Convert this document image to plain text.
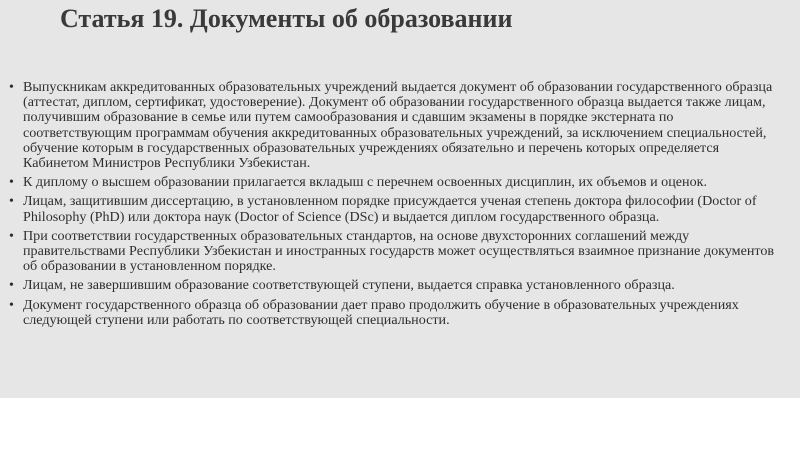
Статья 19. Документы об образовании
• Выпускникам аккредитованных образовательных учреждений выдается документ об образовании государственного образца (аттестат, диплом, сертификат, удостоверение). Документ об образовании государственного образца выдается также лицам, получившим образование в семье или путем самообразования и сдавшим экзамены в порядке экстерната по соответствующим программам обучения аккредитованных образовательных учреждений, за исключением специальностей, обучение которым в государственных образовательных учреждениях обязательно и перечень которых определяется Кабинетом Министров Республики Узбекистан.
• К диплому о высшем образовании прилагается вкладыш с перечнем освоенных дисциплин, их объемов и оценок.
• Лицам, защитившим диссертацию, в установленном порядке присуждается ученая степень доктора философии (Doctor of Philosophy (PhD) или доктора наук (Doctor of Science (DSc) и выдается диплом государственного образца.
• При соответствии государственных образовательных стандартов, на основе двухсторонних соглашений между правительствами Республики Узбекистан и иностранных государств может осуществляться взаимное признание документов об образовании в установленном порядке.
• Лицам, не завершившим образование соответствующей ступени, выдается справка установленного образца.
• Документ государственного образца об образовании дает право продолжить обучение в образовательных учреждениях следующей ступени или работать по соответствующей специальности.
